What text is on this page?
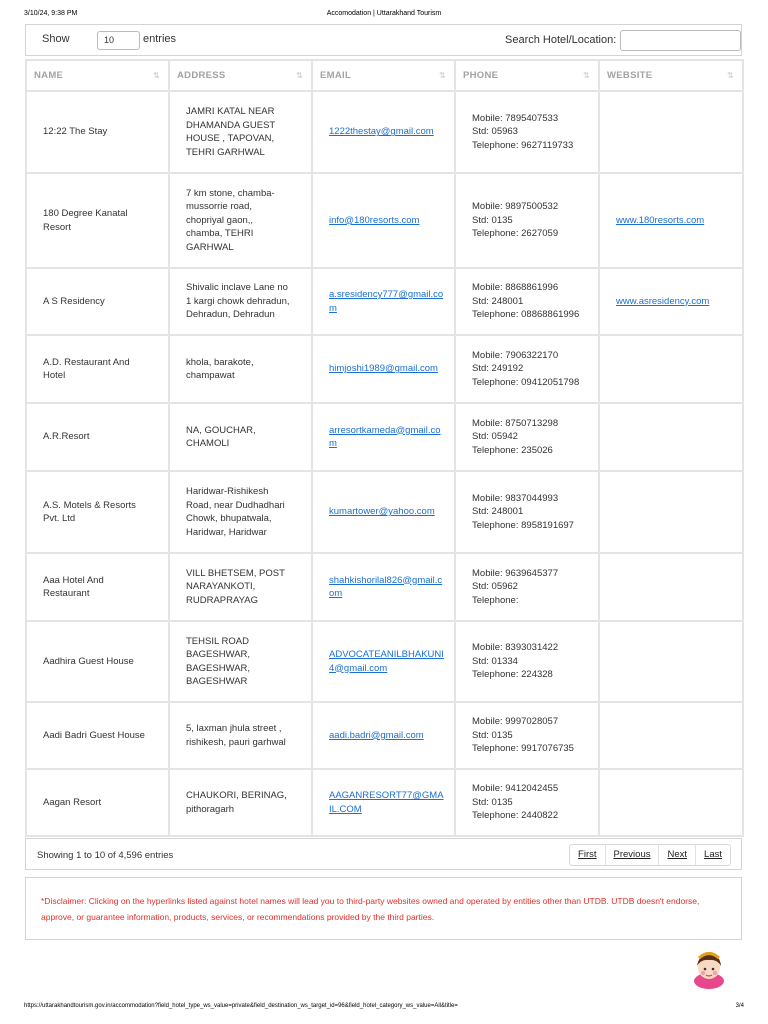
3/10/24, 9:38 PM	Accomodation | Uttarakhand Tourism
Show	10	entries	Search Hotel/Location:
NAME ⇅	ADDRESS ⇅	EMAIL ⇅	PHONE ⇅	WEBSITE ⇅

12:22 The Stay	JAMRI KATAL NEAR
DHAMANDA GUEST
HOUSE , TAPOVAN,
TEHRI GARHWAL	1222thestay@gmail.com	Mobile: 7895407533
Std: 05963
Telephone: 9627119733	
180 Degree Kanatal
Resort	7 km stone, chamba-
mussorrie road,
chopriyal gaon,,
chamba, TEHRI
GARHWAL	info@180resorts.com	Mobile: 9897500532
Std: 0135
Telephone: 2627059	www.180resorts.com
A S Residency	Shivalic inclave Lane no
1 kargi chowk dehradun,
Dehradun, Dehradun	a.sresidency777@gmail.com	Mobile: 8868861996
Std: 248001
Telephone: 08868861996	www.asresidency.com
A.D. Restaurant And
Hotel	khola, barakote,
champawat	himjoshi1989@gmail.com	Mobile: 7906322170
Std: 249192
Telephone: 09412051798	
A.R.Resort	NA, GOUCHAR,
CHAMOLI	arresortkameda@gmail.com	Mobile: 8750713298
Std: 05942
Telephone: 235026	
A.S. Motels & Resorts
Pvt. Ltd	Haridwar-Rishikesh
Road, near Dudhadhari
Chowk, bhupatwala,
Haridwar, Haridwar	kumartower@yahoo.com	Mobile: 9837044993
Std: 248001
Telephone: 8958191697	
Aaa Hotel And
Restaurant	VILL BHETSEM, POST
NARAYANKOTI,
RUDRAPRAYAG	shahkishorilal826@gmail.com	Mobile: 9639645377
Std: 05962
Telephone:	
Aadhira Guest House	TEHSIL ROAD
BAGESHWAR,
BAGESHWAR,
BAGESHWAR	ADVOCATEANILBHAKUNI4@gmail.com	Mobile: 8393031422
Std: 01334
Telephone: 224328	
Aadi Badri Guest House	5, laxman jhula street ,
rishikesh, pauri garhwal	aadi.badri@gmail.com	Mobile: 9997028057
Std: 0135
Telephone: 9917076735	
Aagan Resort	CHAUKORI, BERINAG,
pithoragarh	AAGANRESORT77@GMAIL.COM	Mobile: 9412042455
Std: 0135
Telephone: 2440822	
Showing 1 to 10 of 4,596 entries	First	Previous	Next	Last

*Disclaimer: Clicking on the hyperlinks listed against hotel names will lead you to third-party websites owned and operated by entities other than UTDB. UTDB doesn't endorse, approve, or guarantee information, products, services, or recommendations provided by the third parties.

https://uttarakhandtourism.gov.in/accommodation?field_hotel_type_ws_value=private&field_destination_ws_target_id=96&field_hotel_category_ws_value=All&title=	3/4
